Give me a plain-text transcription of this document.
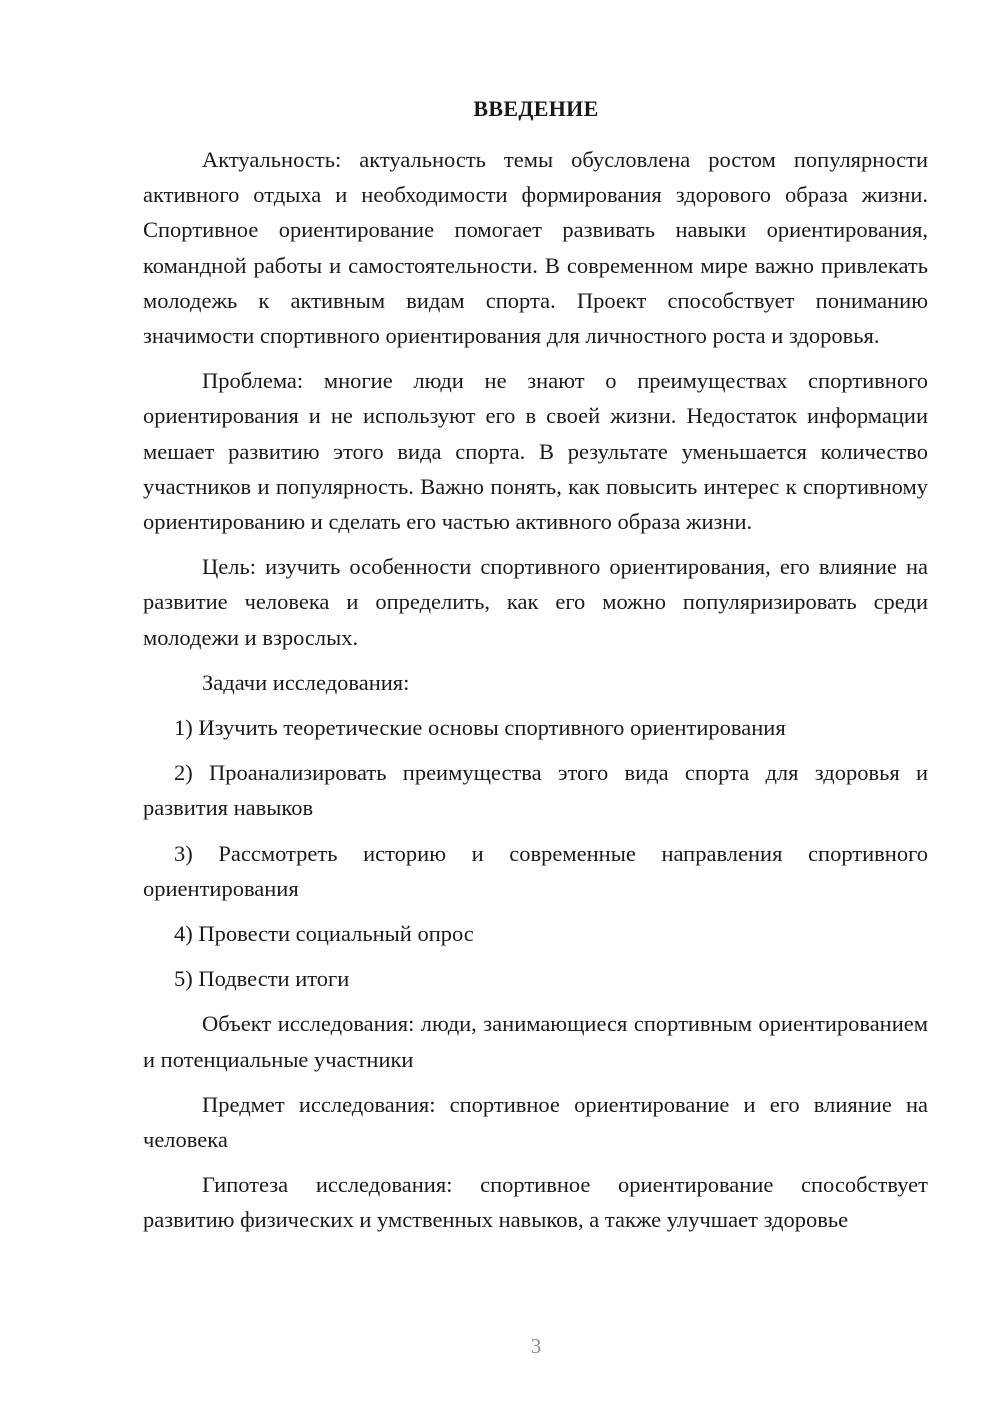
ВВЕДЕНИЕ

Актуальность: актуальность темы обусловлена ростом популярности активного отдыха и необходимости формирования здорового образа жизни. Спортивное ориентирование помогает развивать навыки ориентирования, командной работы и самостоятельности. В современном мире важно привлекать молодежь к активным видам спорта. Проект способствует пониманию значимости спортивного ориентирования для личностного роста и здоровья.

Проблема: многие люди не знают о преимуществах спортивного ориентирования и не используют его в своей жизни. Недостаток информации мешает развитию этого вида спорта. В результате уменьшается количество участников и популярность. Важно понять, как повысить интерес к спортивному ориентированию и сделать его частью активного образа жизни.

Цель: изучить особенности спортивного ориентирования, его влияние на развитие человека и определить, как его можно популяризировать среди молодежи и взрослых.

Задачи исследования:

1) Изучить теоретические основы спортивного ориентирования

2) Проанализировать преимущества этого вида спорта для здоровья и развития навыков

3) Рассмотреть историю и современные направления спортивного ориентирования

4) Провести социальный опрос

5) Подвести итоги

Объект исследования: люди, занимающиеся спортивным ориентированием и потенциальные участники

Предмет исследования: спортивное ориентирование и его влияние на человека

Гипотеза исследования: спортивное ориентирование способствует развитию физических и умственных навыков, а также улучшает здоровье

3
